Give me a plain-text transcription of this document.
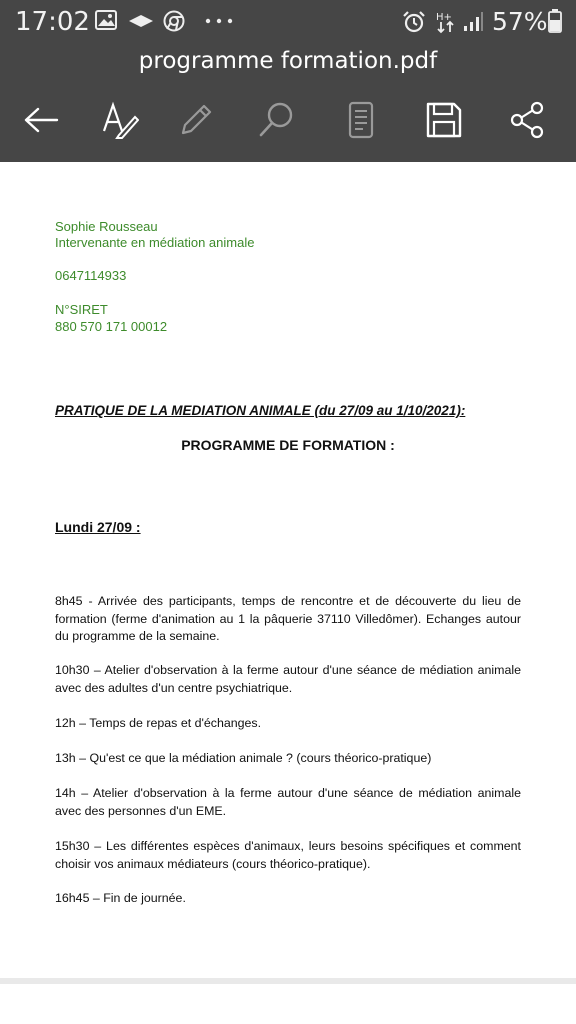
17:02	H+ 57%
programme formation.pdf
Sophie Rousseau
Intervenante en médiation animale
0647114933
N°SIRET
880 570 171 00012
PRATIQUE DE LA MEDIATION ANIMALE (du 27/09 au 1/10/2021):
PROGRAMME DE FORMATION :
Lundi 27/09 :
8h45 - Arrivée des participants, temps de rencontre et de découverte du lieu de formation (ferme d'animation au 1 la pâquerie 37110 Villedômer). Echanges autour du programme de la semaine.
10h30 – Atelier d'observation à la ferme autour d'une séance de médiation animale avec des adultes d'un centre psychiatrique.
12h – Temps de repas et d'échanges.
13h – Qu'est ce que la médiation animale ? (cours théorico-pratique)
14h – Atelier d'observation à la ferme autour d'une séance de médiation animale avec des personnes d'un EME.
15h30 – Les différentes espèces d'animaux, leurs besoins spécifiques et comment choisir vos animaux médiateurs (cours théorico-pratique).
16h45 – Fin de journée.
